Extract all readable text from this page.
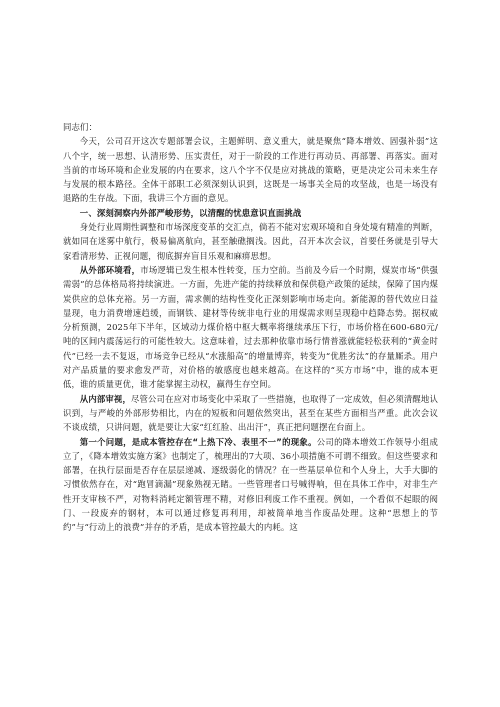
同志们：

今天，公司召开这次专题部署会议，主题鲜明、意义重大，就是聚焦“降本增效、固强补弱”这八个字，统一思想、认清形势、压实责任，对于一阶段的工作进行再动员、再部署、再落实。面对当前的市场环境和企业发展的内在要求，这八个字不仅是应对挑战的策略，更是决定公司未来生存与发展的根本路径。全体干部职工必须深刻认识到，这既是一场事关全局的攻坚战，也是一场没有退路的生存战。下面，我讲三个方面的意见。

一、深刻洞察内外部严峻形势，以清醒的忧患意识直面挑战

身处行业周期性调整和市场深度变革的交汇点，倘若不能对宏观环境和自身处境有精准的判断，就如同在迷雾中航行，极易偏离航向，甚至触礁搁浅。因此，召开本次会议，首要任务就是引导大家看清形势、正视问题，彻底摒弃盲目乐观和麻痹思想。

从外部环境看，市场逻辑已发生根本性转变，压力空前。当前及今后一个时期，煤炭市场“供强需弱”的总体格局将持续演进。一方面，先进产能的持续释放和保供稳产政策的延续，保障了国内煤炭供应的总体充裕。另一方面，需求侧的结构性变化正深刻影响市场走向。新能源的替代效应日益显现，电力消费增速趋缓，而钢铁、建材等传统非电行业的用煤需求则呈现稳中趋降态势。据权威分析预测，2025年下半年，区域动力煤价格中枢大概率将继续承压下行，市场价格在600-680元/吨的区间内震荡运行的可能性较大。这意味着，过去那种依靠市场行情普涨就能轻松获利的“黄金时代”已经一去不复返，市场竞争已经从“水涨船高”的增量博弈，转变为“优胜劣汰”的存量厮杀。用户对产品质量的要求愈发严苛，对价格的敏感度也越来越高。在这样的“买方市场”中，谁的成本更低，谁的质量更优，谁才能掌握主动权，赢得生存空间。

从内部审视，尽管公司在应对市场变化中采取了一些措施，也取得了一定成效，但必须清醒地认识到，与严峻的外部形势相比，内在的短板和问题依然突出，甚至在某些方面相当严重。此次会议不谈成绩，只讲问题，就是要让大家“红红脸、出出汗”，真正把问题摆在台面上。

第一个问题，是成本管控存在“上热下冷、表里不一”的现象。公司的降本增效工作领导小组成立了，《降本增效实施方案》也制定了，梳理出的7大项、36小项措施不可谓不细致。但这些要求和部署，在执行层面是否存在层层递减、逐级弱化的情况？在一些基层单位和个人身上，大手大脚的习惯依然存在，对“跑冒滴漏”现象熟视无睹。一些管理者口号喊得响，但在具体工作中，对非生产性开支审核不严，对物料消耗定额管理不精，对修旧利废工作不重视。例如，一个看似不起眼的阀门、一段废弃的钢材，本可以通过修复再利用，却被简单地当作废品处理。这种“思想上的节约”与“行动上的浪费”并存的矛盾，是成本管控最大的内耗。这
